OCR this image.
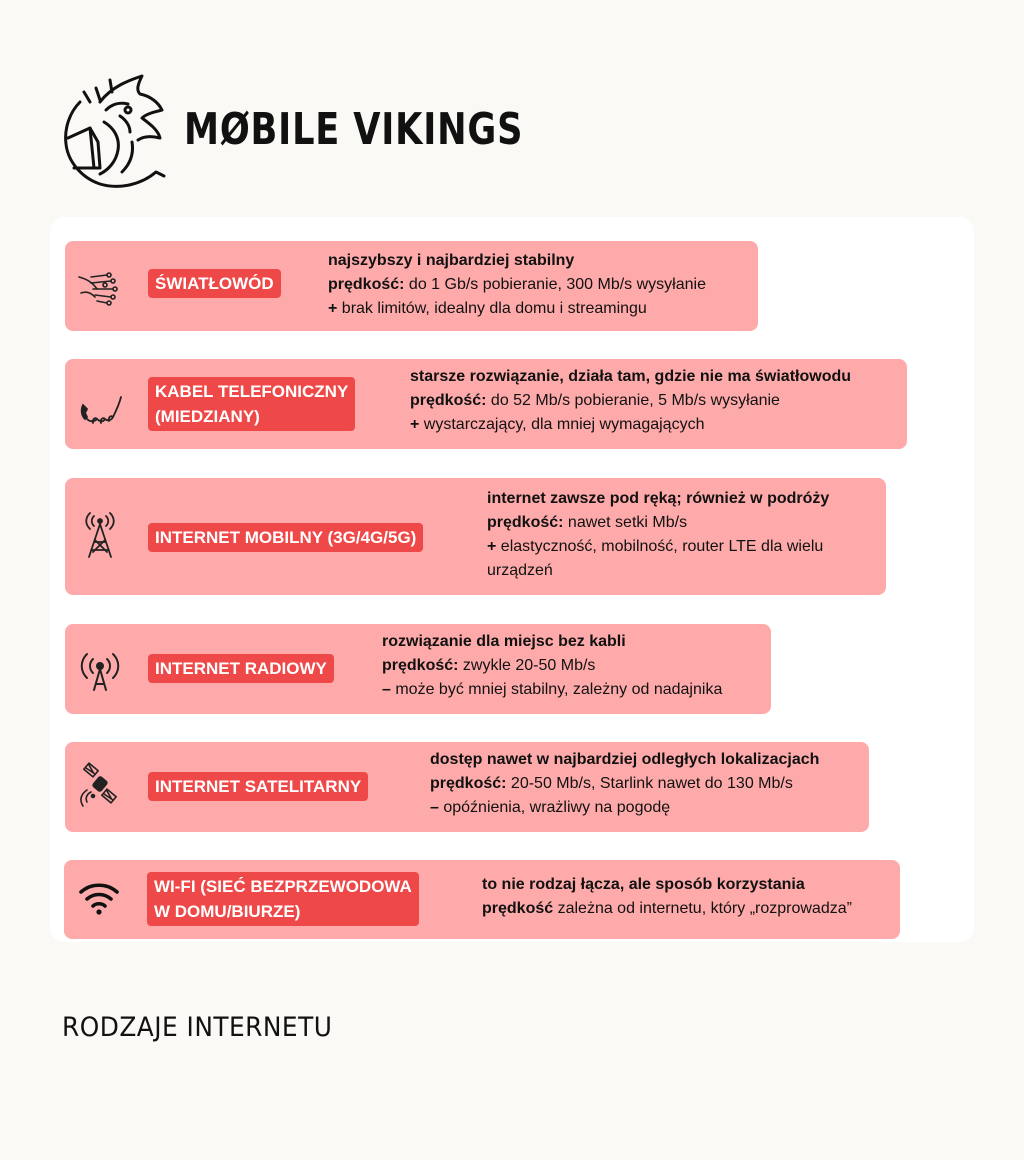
MØBILE VIKINGS
ŚWIATŁOWÓD
najszybszy i najbardziej stabilny
prędkość: do 1 Gb/s pobieranie, 300 Mb/s wysyłanie
+ brak limitów, idealny dla domu i streamingu
KABEL TELEFONICZNY
(MIEDZIANY)
starsze rozwiązanie, działa tam, gdzie nie ma światłowodu
prędkość: do 52 Mb/s pobieranie, 5 Mb/s wysyłanie
+ wystarczający, dla mniej wymagających
INTERNET MOBILNY (3G/4G/5G)
internet zawsze pod ręką; również w podróży
prędkość: nawet setki Mb/s
+ elastyczność, mobilność, router LTE dla wielu urządzeń
INTERNET RADIOWY
rozwiązanie dla miejsc bez kabli
prędkość: zwykle 20-50 Mb/s
– może być mniej stabilny, zależny od nadajnika
INTERNET SATELITARNY
dostęp nawet w najbardziej odległych lokalizacjach
prędkość: 20-50 Mb/s, Starlink nawet do 130 Mb/s
– opóźnienia, wrażliwy na pogodę
WI-FI (SIEĆ BEZPRZEWODOWA
W DOMU/BIURZE)
to nie rodzaj łącza, ale sposób korzystania
prędkość zależna od internetu, który „rozprowadza”
RODZAJE INTERNETU
